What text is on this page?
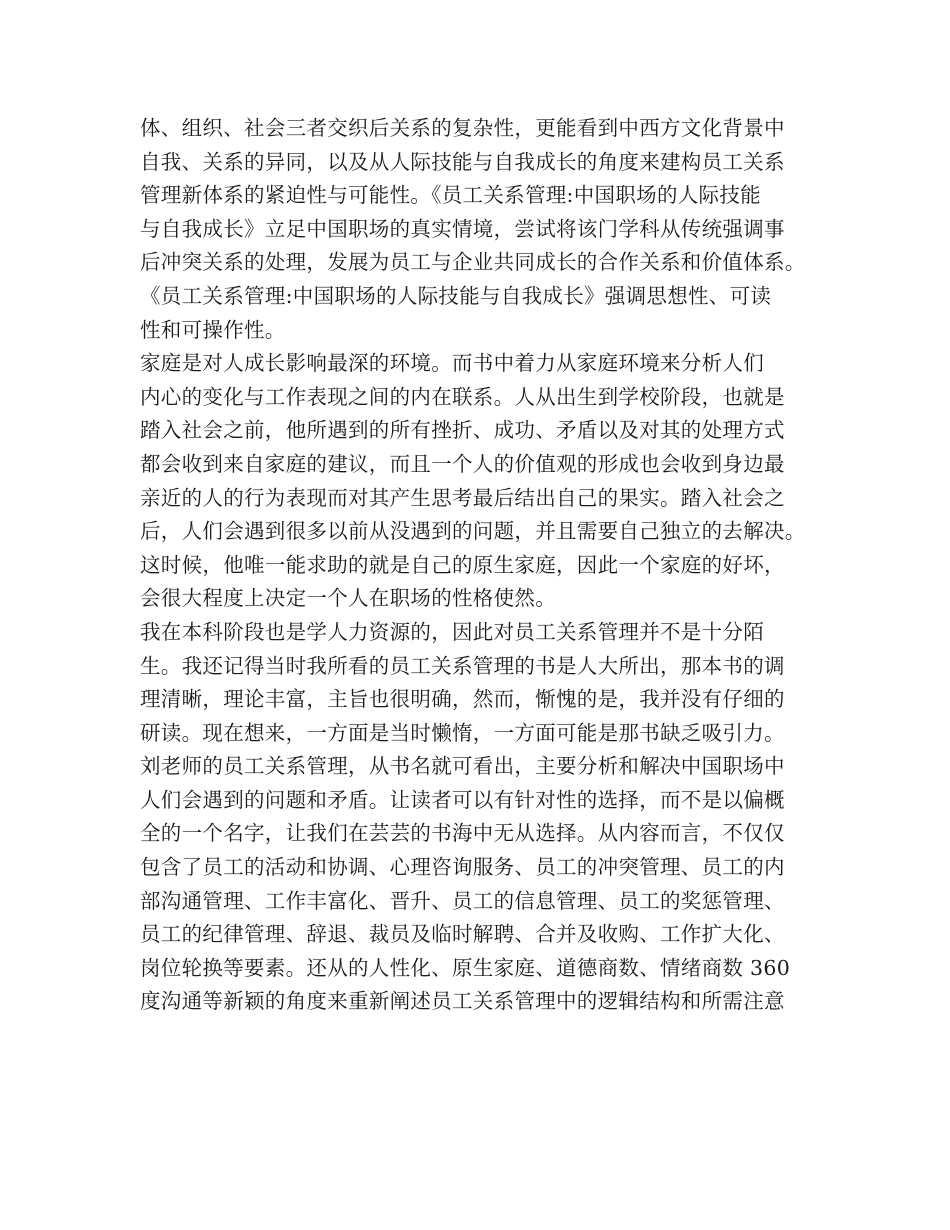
体、组织、社会三者交织后关系的复杂性，更能看到中西方文化背景中
自我、关系的异同，以及从人际技能与自我成长的角度来建构员工关系
管理新体系的紧迫性与可能性。《员工关系管理:中国职场的人际技能
与自我成长》立足中国职场的真实情境，尝试将该门学科从传统强调事
后冲突关系的处理，发展为员工与企业共同成长的合作关系和价值体系。
《员工关系管理:中国职场的人际技能与自我成长》强调思想性、可读
性和可操作性。
家庭是对人成长影响最深的环境。而书中着力从家庭环境来分析人们
内心的变化与工作表现之间的内在联系。人从出生到学校阶段，也就是
踏入社会之前，他所遇到的所有挫折、成功、矛盾以及对其的处理方式
都会收到来自家庭的建议，而且一个人的价值观的形成也会收到身边最
亲近的人的行为表现而对其产生思考最后结出自己的果实。踏入社会之
后，人们会遇到很多以前从没遇到的问题，并且需要自己独立的去解决。
这时候，他唯一能求助的就是自己的原生家庭，因此一个家庭的好坏，
会很大程度上决定一个人在职场的性格使然。
我在本科阶段也是学人力资源的，因此对员工关系管理并不是十分陌
生。我还记得当时我所看的员工关系管理的书是人大所出，那本书的调
理清晰，理论丰富，主旨也很明确，然而，惭愧的是，我并没有仔细的
研读。现在想来，一方面是当时懒惰，一方面可能是那书缺乏吸引力。
刘老师的员工关系管理，从书名就可看出，主要分析和解决中国职场中
人们会遇到的问题和矛盾。让读者可以有针对性的选择，而不是以偏概
全的一个名字，让我们在芸芸的书海中无从选择。从内容而言，不仅仅
包含了员工的活动和协调、心理咨询服务、员工的冲突管理、员工的内
部沟通管理、工作丰富化、晋升、员工的信息管理、员工的奖惩管理、
员工的纪律管理、辞退、裁员及临时解聘、合并及收购、工作扩大化、
岗位轮换等要素。还从的人性化、原生家庭、道德商数、情绪商数 360
度沟通等新颖的角度来重新阐述员工关系管理中的逻辑结构和所需注意
